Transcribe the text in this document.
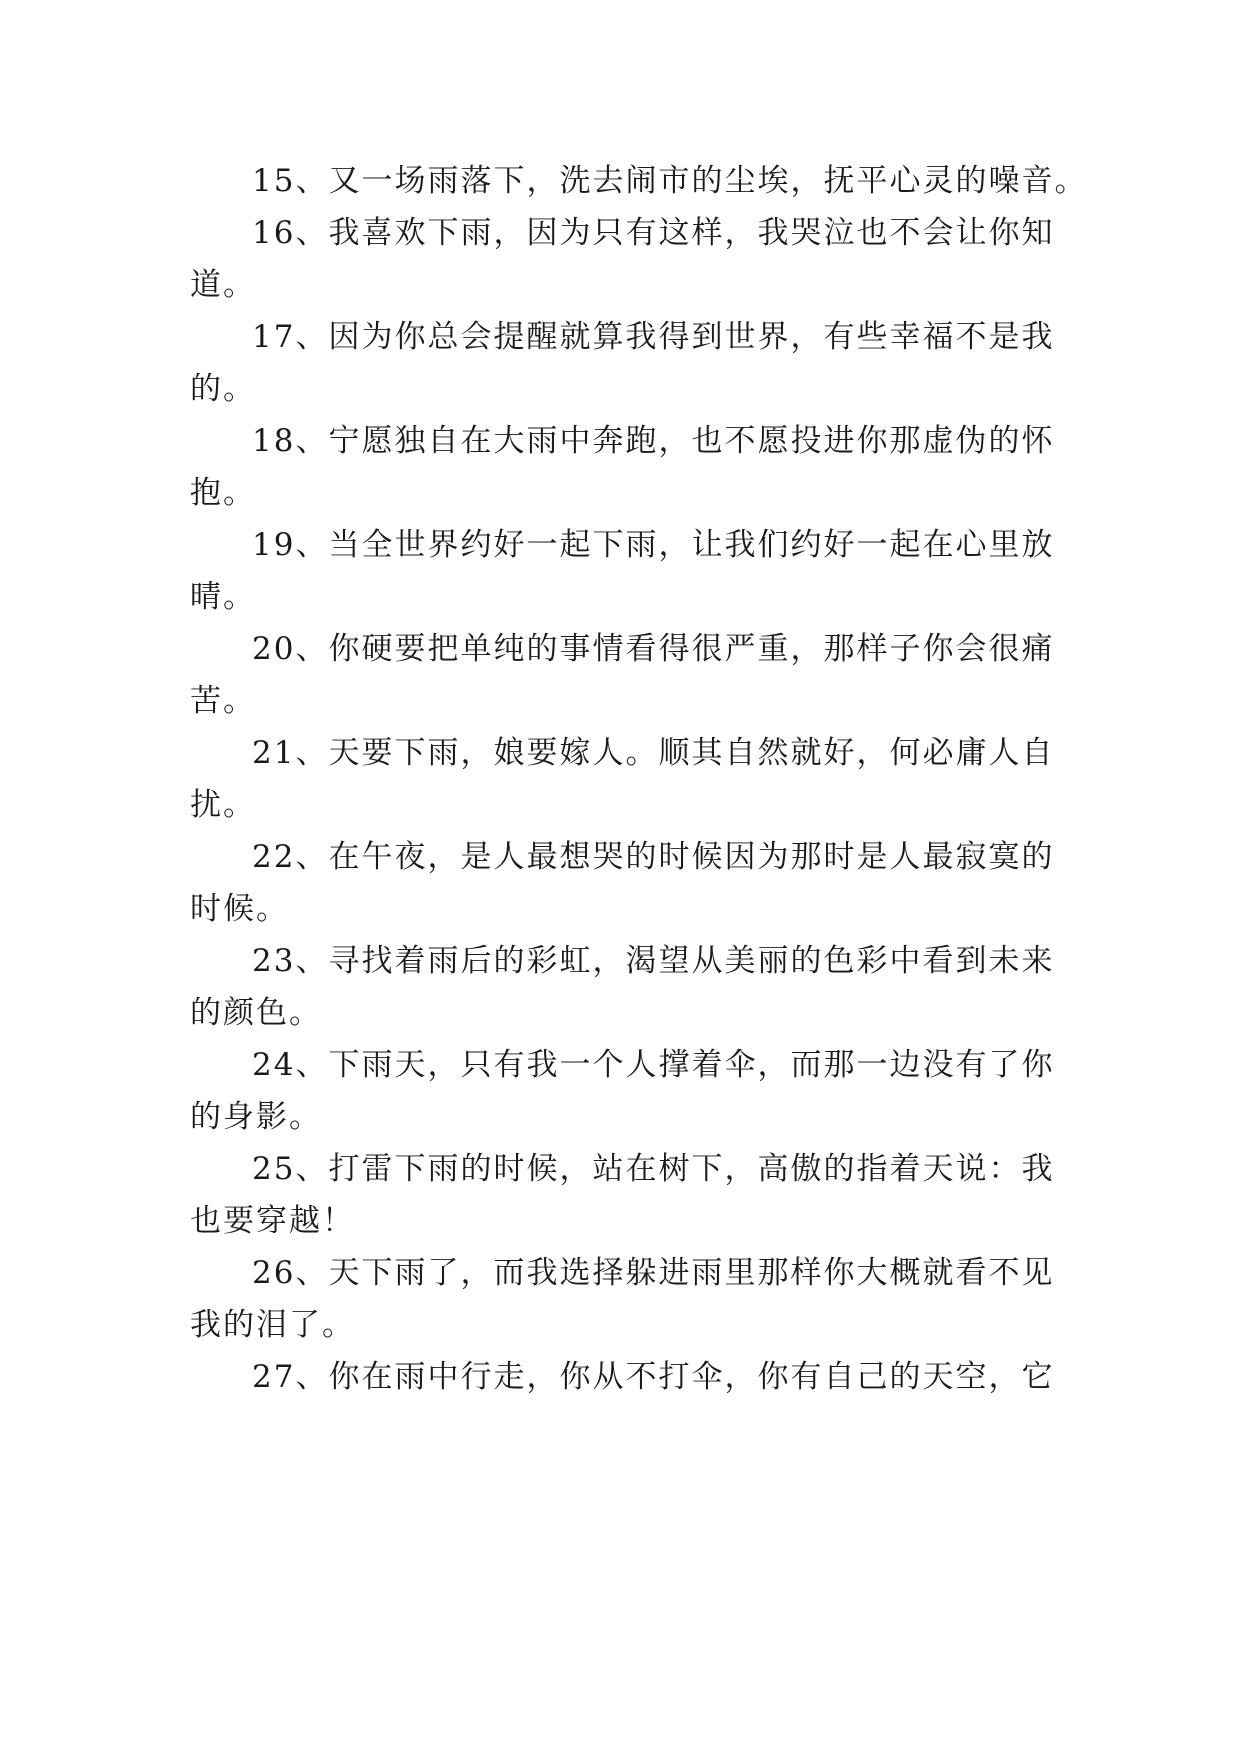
15、又一场雨落下，洗去闹市的尘埃，抚平心灵的噪音。
16、我喜欢下雨，因为只有这样，我哭泣也不会让你知
道。
17、因为你总会提醒就算我得到世界，有些幸福不是我
的。
18、宁愿独自在大雨中奔跑，也不愿投进你那虚伪的怀
抱。
19、当全世界约好一起下雨，让我们约好一起在心里放
晴。
20、你硬要把单纯的事情看得很严重，那样子你会很痛
苦。
21、天要下雨，娘要嫁人。顺其自然就好，何必庸人自
扰。
22、在午夜，是人最想哭的时候因为那时是人最寂寞的
时候。
23、寻找着雨后的彩虹，渴望从美丽的色彩中看到未来
的颜色。
24、下雨天，只有我一个人撑着伞，而那一边没有了你
的身影。
25、打雷下雨的时候，站在树下，高傲的指着天说：我
也要穿越！
26、天下雨了，而我选择躲进雨里那样你大概就看不见
我的泪了。
27、你在雨中行走，你从不打伞，你有自己的天空，它
